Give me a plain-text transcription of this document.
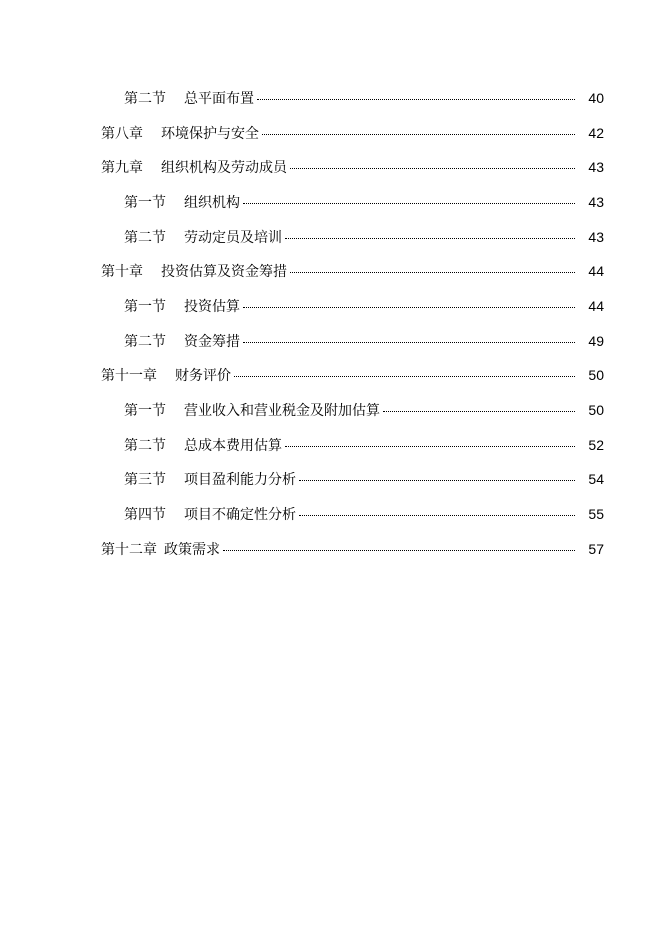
第二节 总平面布置	40
第八章 环境保护与安全	42
第九章 组织机构及劳动成员	43
第一节 组织机构	43
第二节 劳动定员及培训	43
第十章 投资估算及资金筹措	44
第一节 投资估算	44
第二节 资金筹措	49
第十一章 财务评价	50
第一节 营业收入和营业税金及附加估算	50
第二节 总成本费用估算	52
第三节 项目盈利能力分析	54
第四节 项目不确定性分析	55
第十二章 政策需求	57
